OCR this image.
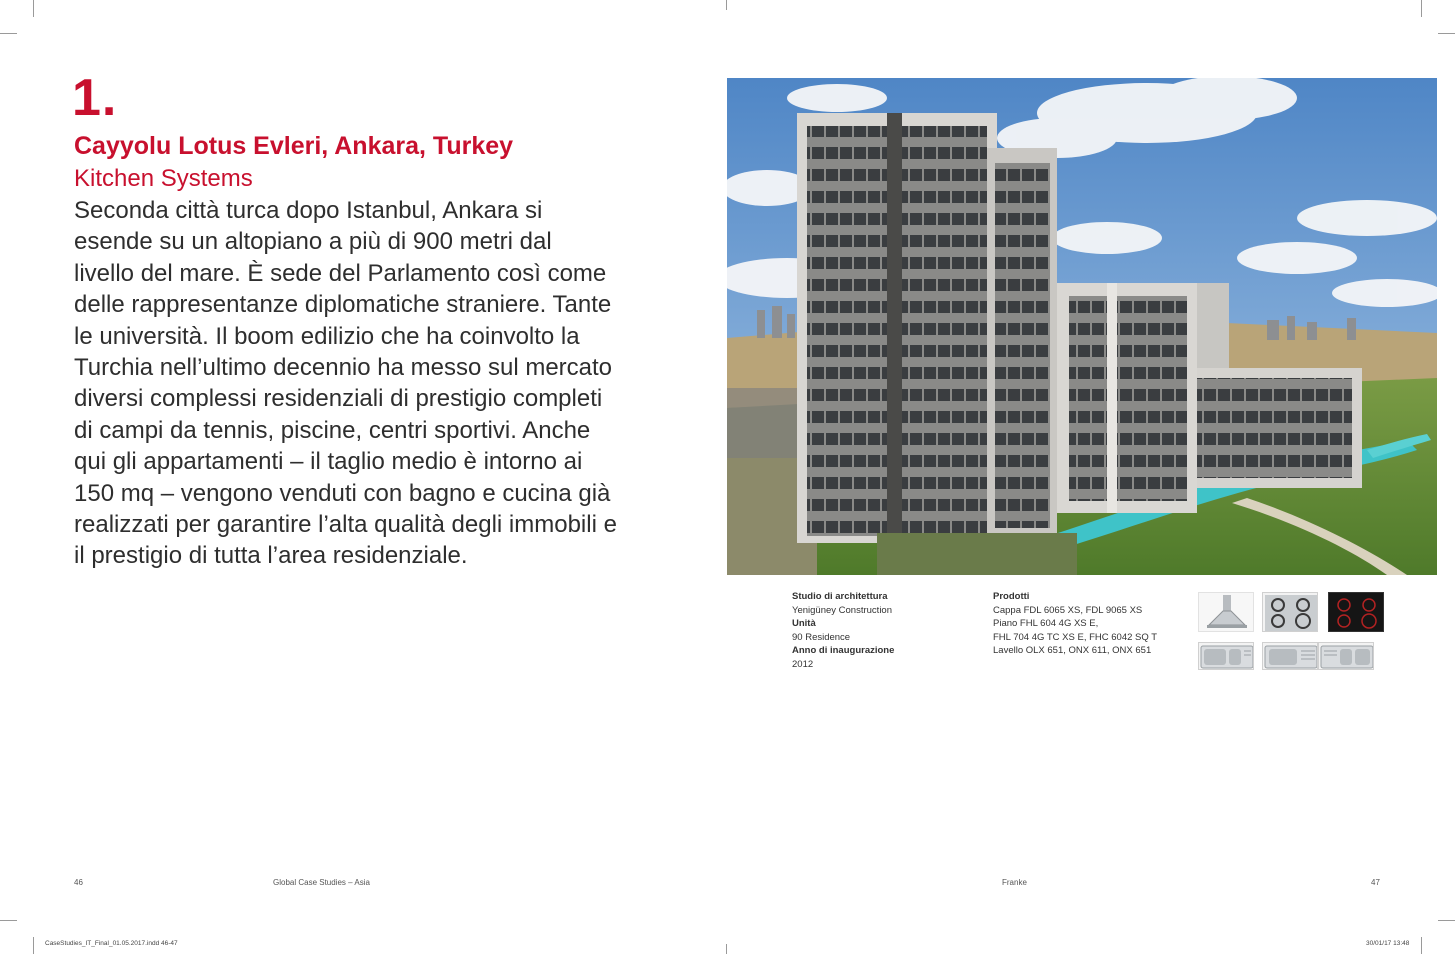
1.
Cayyolu Lotus Evleri, Ankara, Turkey
Kitchen Systems
Seconda città turca dopo Istanbul, Ankara si
esende su un altopiano a più di 900 metri dal
livello del mare. È sede del Parlamento così come
delle rappresentanze diplomatiche straniere. Tante
le università. Il boom edilizio che ha coinvolto la
Turchia nell’ultimo decennio ha messo sul mercato
diversi complessi residenziali di prestigio completi
di campi da tennis, piscine, centri sportivi. Anche
qui gli appartamenti – il taglio medio è intorno ai
150 mq – vengono venduti con bagno e cucina già
realizzati per garantire l’alta qualità degli immobili e
il prestigio di tutta l’area residenziale.
Studio di architettura
Yenigüney Construction
Unità
90 Residence
Anno di inaugurazione
2012
Prodotti
Cappa FDL 6065 XS, FDL 9065 XS
Piano FHL 604 4G XS E,
FHL 704 4G TC XS E, FHC 6042 SQ T
Lavello OLX 651, ONX 611, ONX 651
46	Global Case Studies – Asia	Franke	47
CaseStudies_IT_Final_01.05.2017.indd 46-47	30/01/17 13:48
